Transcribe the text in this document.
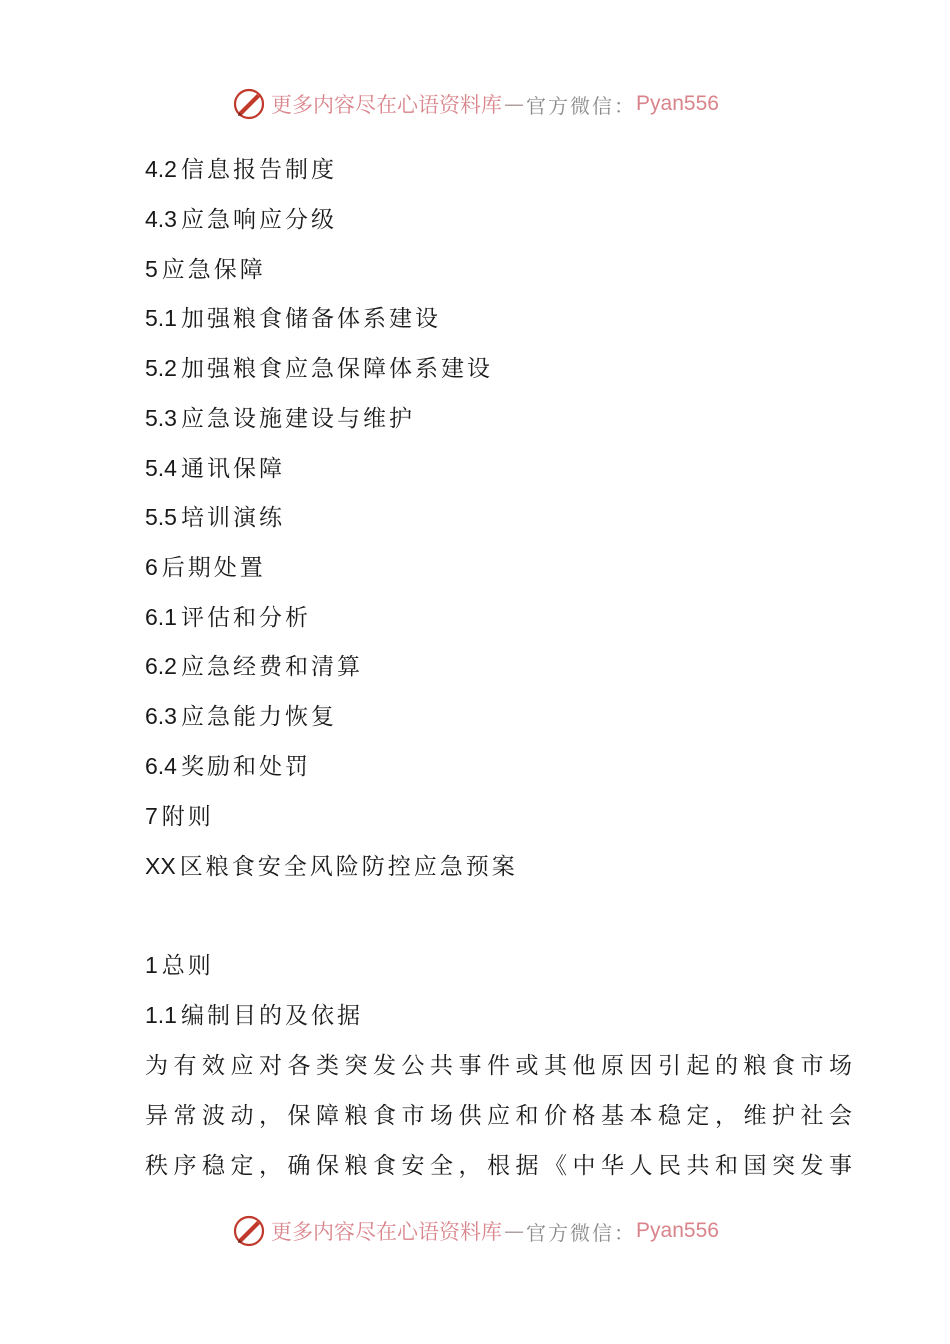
更多内容尽在心语资料库 — 官方微信： Pyan556
4.2 信息报告制度
4.3 应急响应分级
5 应急保障
5.1 加强粮食储备体系建设
5.2 加强粮食应急保障体系建设
5.3 应急设施建设与维护
5.4 通讯保障
5.5 培训演练
6 后期处置
6.1 评估和分析
6.2 应急经费和清算
6.3 应急能力恢复
6.4 奖励和处罚
7 附则
XX 区粮食安全风险防控应急预案
1 总则
1.1 编制目的及依据
为有效应对各类突发公共事件或其他原因引起的粮食市场
异常波动，保障粮食市场供应和价格基本稳定，维护社会
秩序稳定，确保粮食安全，根据《中华人民共和国突发事
更多内容尽在心语资料库 — 官方微信： Pyan556
